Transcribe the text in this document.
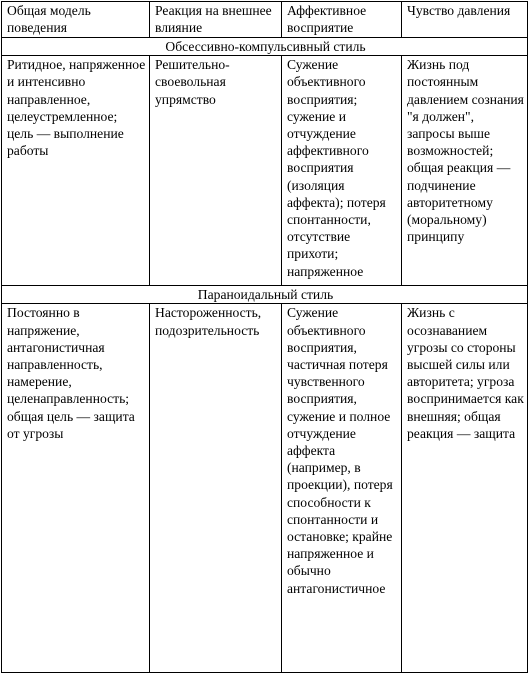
Общая модель поведения	Реакция на внешнее влияние	Аффективное восприятие	Чувство давления

Обсессивно-компульсивный стиль			

Ритидное, напряженное и интенсивно направленное, целеустремленное; цель — выполнение работы	Решительно-своевольная упрямство	Сужение объективного восприятия; сужение и отчуждение аффективного восприятия (изоляция аффекта); потеря спонтанности, отсутствие прихоти; напряженное	Жизнь под постоянным давлением сознания "я должен", запросы выше возможностей; общая реакция — подчинение авторитетному (моральному) принципу

Параноидальный стиль			

Постоянно в напряжение, антагонистичная направленность, намерение, целенаправленность; общая цель — защита от угрозы	Настороженность, подозрительность	Сужение объективного восприятия, частичная потеря чувственного восприятия, сужение и полное отчуждение аффекта (например, в проекции), потеря способности к спонтанности и остановке; крайне напряженное и обычно антагонистичное	Жизнь с осознаванием угрозы со стороны высшей силы или авторитета; угроза воспринимается как внешняя; общая реакция — защита
